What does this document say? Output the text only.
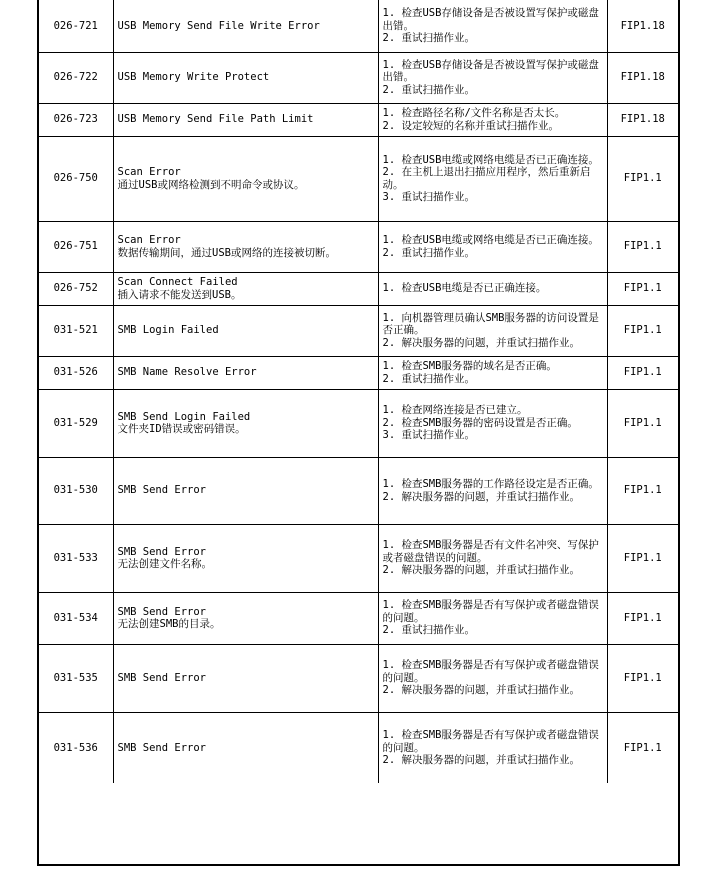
026-721	USB Memory Send File Write Error	1. 检查USB存储设备是否被设置写保护或磁盘出错。
2. 重试扫描作业。	FIP1.18
026-722	USB Memory Write Protect	1. 检查USB存储设备是否被设置写保护或磁盘出错。
2. 重试扫描作业。	FIP1.18
026-723	USB Memory Send File Path Limit	1. 检查路径名称/文件名称是否太长。
2. 设定较短的名称并重试扫描作业。	FIP1.18
026-750	Scan Error
通过USB或网络检测到不明命令或协议。	1. 检查USB电缆或网络电缆是否已正确连接。
2. 在主机上退出扫描应用程序，然后重新启动。
3. 重试扫描作业。	FIP1.1
026-751	Scan Error
数据传输期间，通过USB或网络的连接被切断。	1. 检查USB电缆或网络电缆是否已正确连接。
2. 重试扫描作业。	FIP1.1
026-752	Scan Connect Failed
插入请求不能发送到USB。	1. 检查USB电缆是否已正确连接。	FIP1.1
031-521	SMB Login Failed	1. 向机器管理员确认SMB服务器的访问设置是否正确。
2. 解决服务器的问题，并重试扫描作业。	FIP1.1
031-526	SMB Name Resolve Error	1. 检查SMB服务器的域名是否正确。
2. 重试扫描作业。	FIP1.1
031-529	SMB Send Login Failed
文件夹ID错误或密码错误。	1. 检查网络连接是否已建立。
2. 检查SMB服务器的密码设置是否正确。
3. 重试扫描作业。	FIP1.1
031-530	SMB Send Error	1. 检查SMB服务器的工作路径设定是否正确。
2. 解决服务器的问题，并重试扫描作业。	FIP1.1
031-533	SMB Send Error
无法创建文件名称。	1. 检查SMB服务器是否有文件名冲突、写保护或者磁盘错误的问题。
2. 解决服务器的问题，并重试扫描作业。	FIP1.1
031-534	SMB Send Error
无法创建SMB的目录。	1. 检查SMB服务器是否有写保护或者磁盘错误的问题。
2. 重试扫描作业。	FIP1.1
031-535	SMB Send Error	1. 检查SMB服务器是否有写保护或者磁盘错误的问题。
2. 解决服务器的问题，并重试扫描作业。	FIP1.1
031-536	SMB Send Error	1. 检查SMB服务器是否有写保护或者磁盘错误的问题。
2. 解决服务器的问题，并重试扫描作业。	FIP1.1
